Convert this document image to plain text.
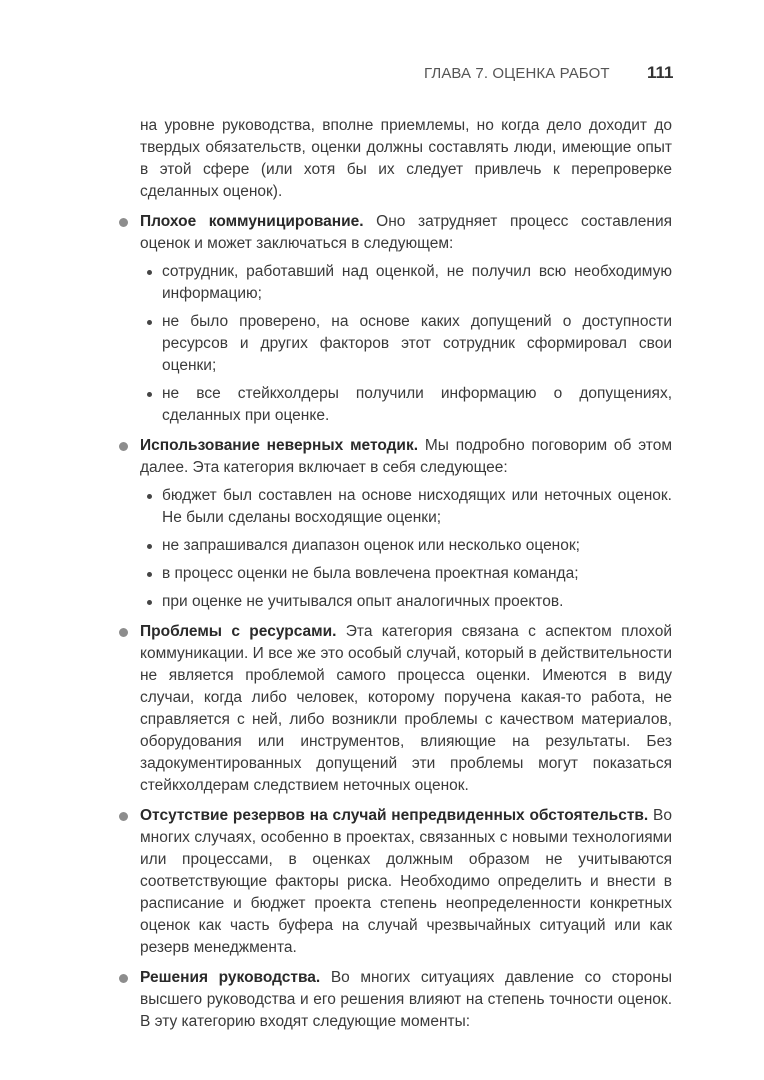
ГЛАВА 7. ОЦЕНКА РАБОТ 111

на уровне руководства, вполне приемлемы, но когда дело доходит до твердых обязательств, оценки должны составлять люди, имеющие опыт в этой сфере (или хотя бы их следует привлечь к перепроверке сделанных оценок).

Плохое коммуницирование. Оно затрудняет процесс составления оценок и может заключаться в следующем:

сотрудник, работавший над оценкой, не получил всю необходимую информацию;
не было проверено, на основе каких допущений о доступности ресурсов и других факторов этот сотрудник сформировал свои оценки;
не все стейкхолдеры получили информацию о допущениях, сделанных при оценке.

Использование неверных методик. Мы подробно поговорим об этом далее. Эта категория включает в себя следующее:

бюджет был составлен на основе нисходящих или неточных оценок. Не были сделаны восходящие оценки;
не запрашивался диапазон оценок или несколько оценок;
в процесс оценки не была вовлечена проектная команда;
при оценке не учитывался опыт аналогичных проектов.

Проблемы с ресурсами. Эта категория связана с аспектом плохой коммуникации. И все же это особый случай, который в действительности не является проблемой самого процесса оценки. Имеются в виду случаи, когда либо человек, которому поручена какая-то работа, не справляется с ней, либо возникли проблемы с качеством материалов, оборудования или инструментов, влияющие на результаты. Без задокументированных допущений эти проблемы могут показаться стейкхолдерам следствием неточных оценок.

Отсутствие резервов на случай непредвиденных обстоятельств. Во многих случаях, особенно в проектах, связанных с новыми технологиями или процессами, в оценках должным образом не учитываются соответствующие факторы риска. Необходимо определить и внести в расписание и бюджет проекта степень неопределенности конкретных оценок как часть буфера на случай чрезвычайных ситуаций или как резерв менеджмента.

Решения руководства. Во многих ситуациях давление со стороны высшего руководства и его решения влияют на степень точности оценок. В эту категорию входят следующие моменты:
